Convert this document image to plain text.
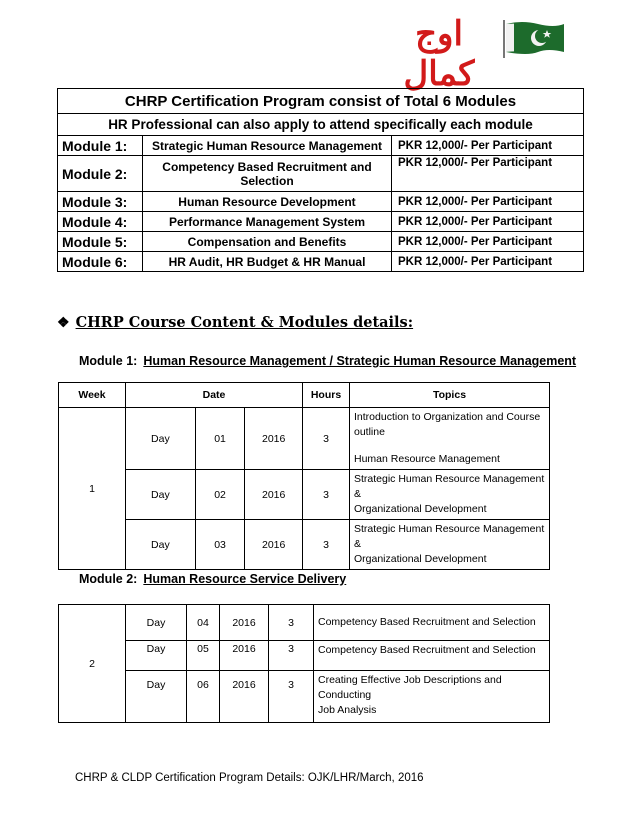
اوج کمال
CHRP Certification Program consist of Total 6 Modules		
HR Professional can also apply to attend specifically each module		
Module 1:	Strategic Human Resource Management	PKR 12,000/- Per Participant
Module 2:	Competency Based Recruitment and Selection	PKR 12,000/- Per Participant
Module 3:	Human Resource Development	PKR 12,000/- Per Participant
Module 4:	Performance Management System	PKR 12,000/- Per Participant
Module 5:	Compensation and Benefits	PKR 12,000/- Per Participant
Module 6:	HR Audit, HR Budget & HR Manual	PKR 12,000/- Per Participant
❖ CHRP Course Content & Modules details:
Module 1: Human Resource Management / Strategic Human Resource Management
Week	Date			Hours	Topics
1	Day	01	2016	3	Introduction to Organization and Course outline
Human Resource Management

	Day	02	2016	3	Strategic Human Resource Management &
Organizational Development

	Day	03	2016	3	Strategic Human Resource Management &
Organizational Development
Module 2: Human Resource Service Delivery
2	Day	04	2016	3	Competency Based Recruitment and Selection
	Day	05	2016	3	Competency Based Recruitment and Selection
	Day	06	2016	3	Creating Effective Job Descriptions and Conducting
Job Analysis
CHRP & CLDP Certification Program Details: OJK/LHR/March, 2016
